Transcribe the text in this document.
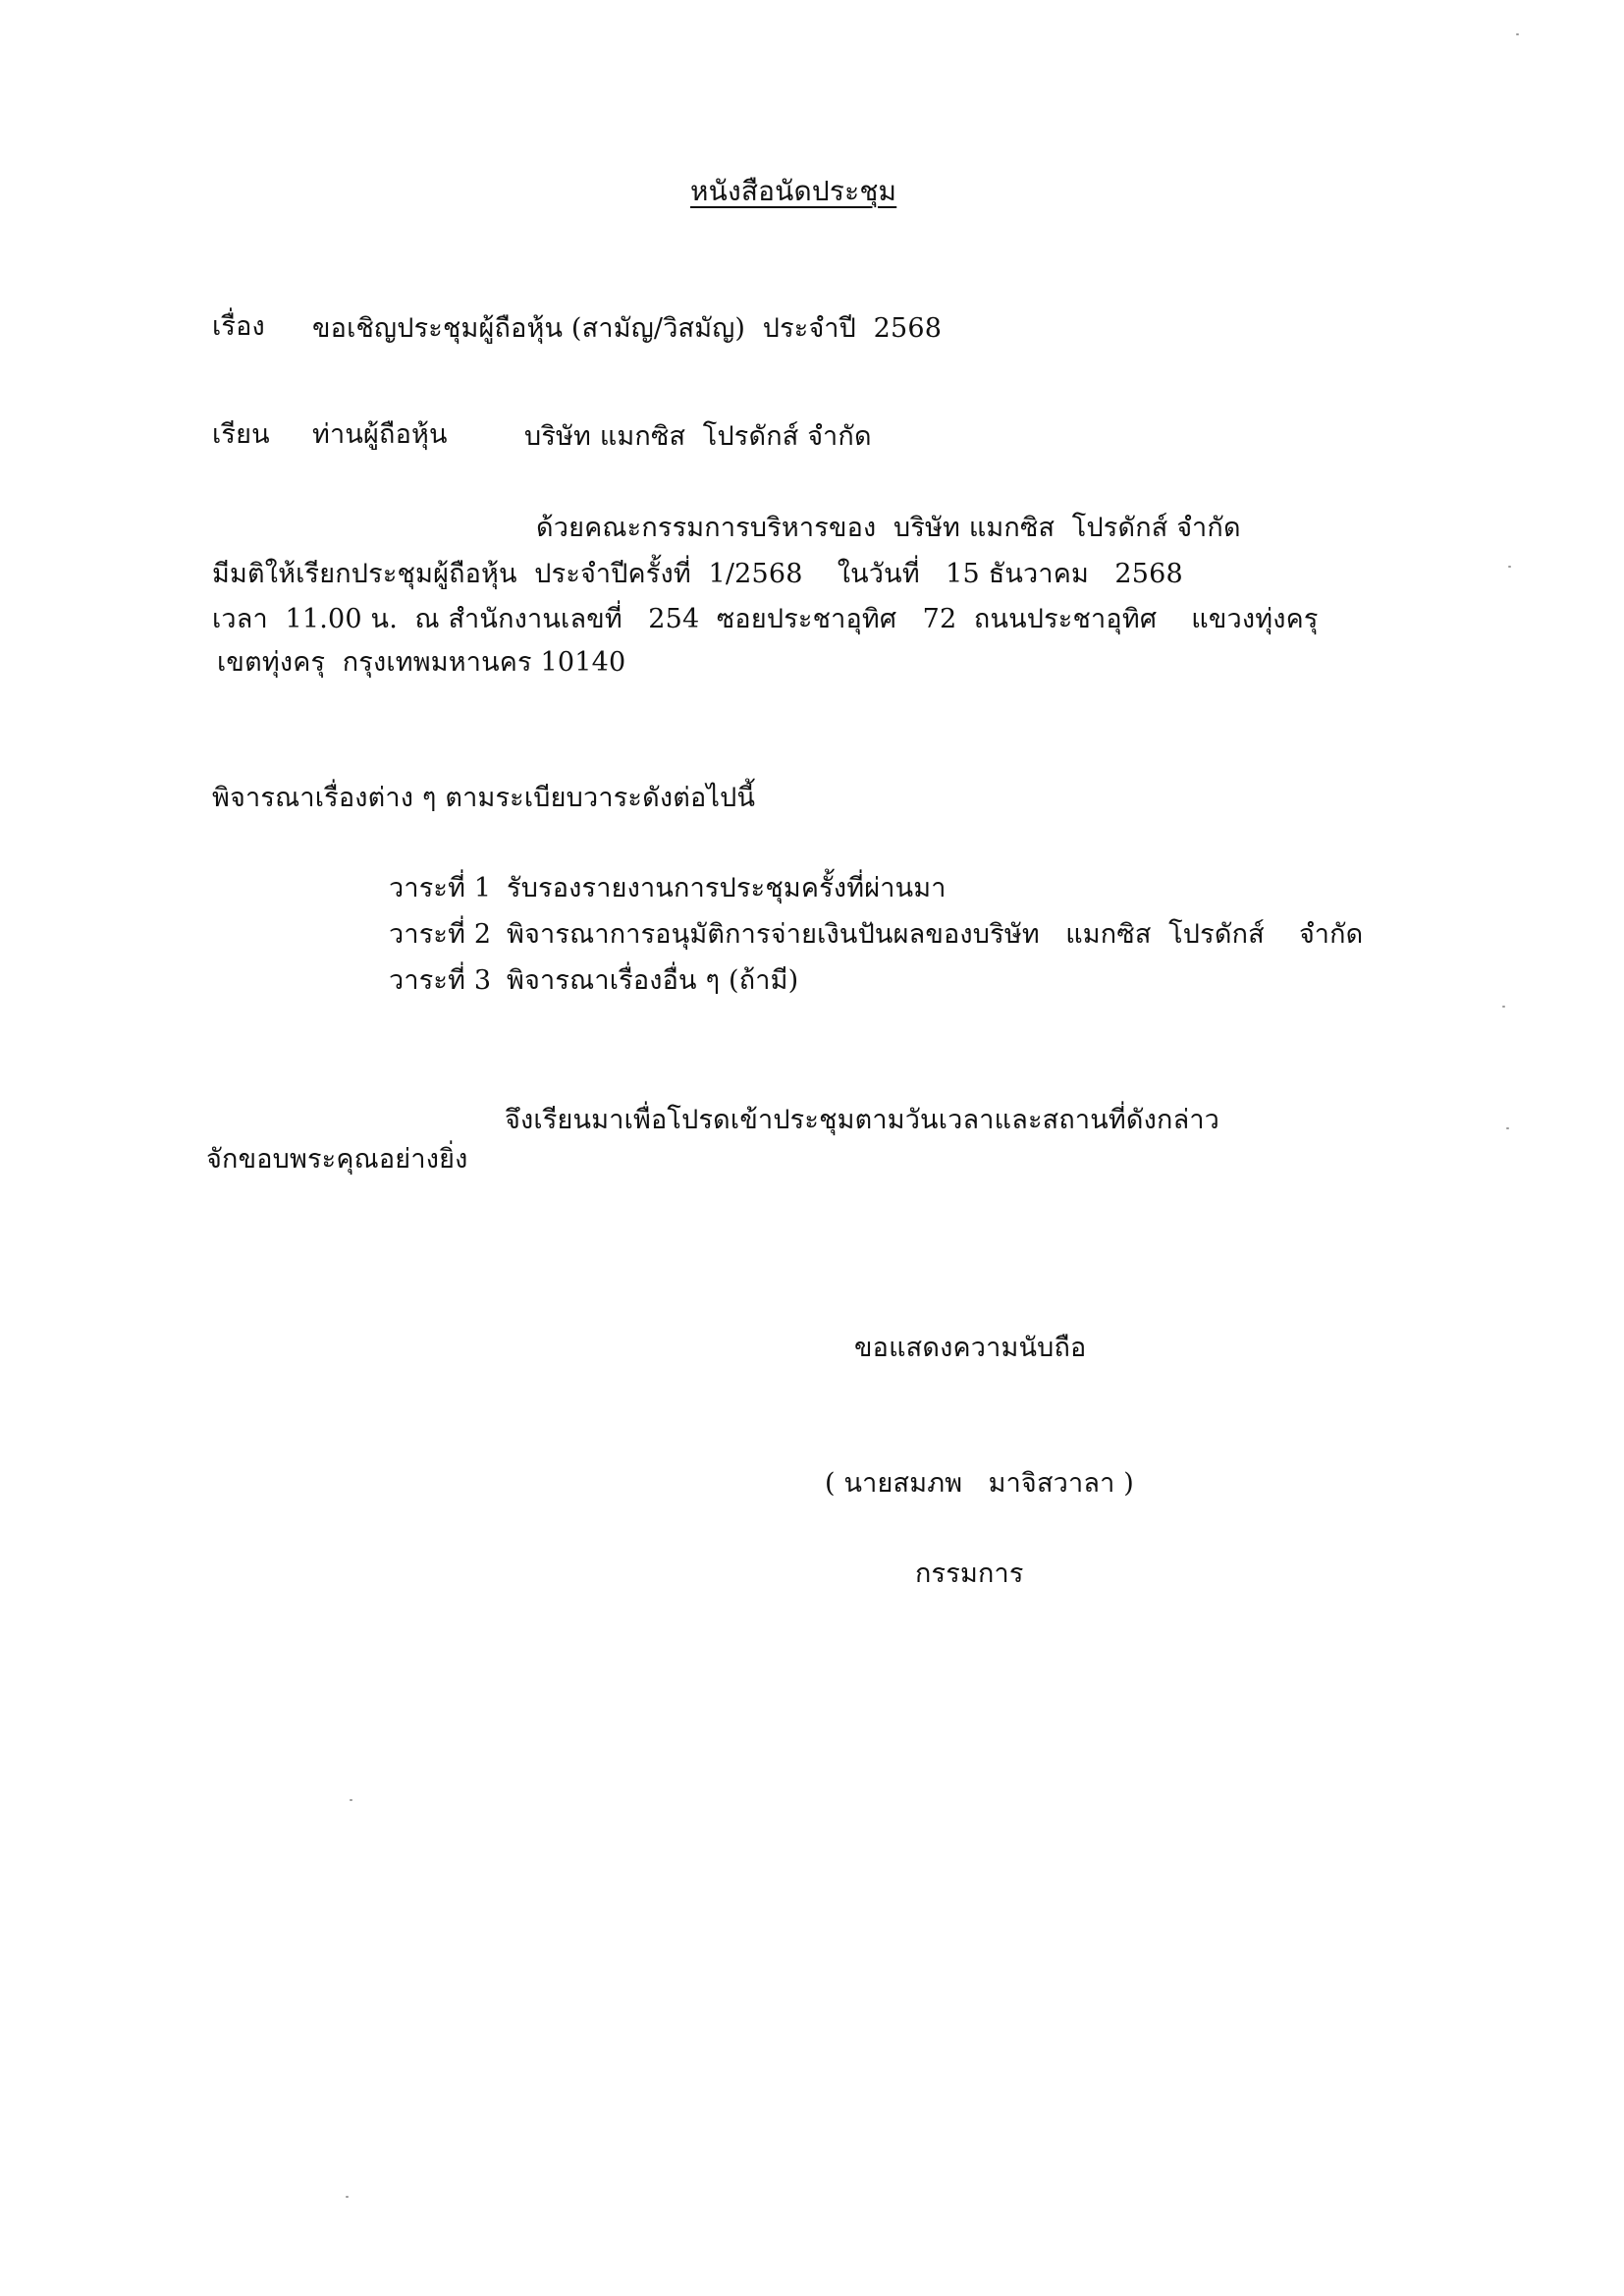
หนังสือนัดประชุม
เรื่อง ขอเชิญประชุมผู้ถือหุ้น (สามัญ/วิสมัญ)  ประจำปี  2568
เรียน ท่านผู้ถือหุ้น	บริษัท แมกซิส  โปรดักส์ จำกัด
ด้วยคณะกรรมการบริหารของ  บริษัท แมกซิส  โปรดักส์ จำกัด
มีมติให้เรียกประชุมผู้ถือหุ้น  ประจำปีครั้งที่  1/2568    ในวันที่   15 ธันวาคม   2568
เวลา  11.00 น.  ณ สำนักงานเลขที่   254  ซอยประชาอุทิศ   72  ถนนประชาอุทิศ    แขวงทุ่งครุ
เขตทุ่งครุ  กรุงเทพมหานคร 10140
พิจารณาเรื่องต่าง ๆ ตามระเบียบวาระดังต่อไปนี้
วาระที่ 1 รับรองรายงานการประชุมครั้งที่ผ่านมา
วาระที่ 2 พิจารณาการอนุมัติการจ่ายเงินปันผลของบริษัท   แมกซิส  โปรดักส์    จำกัด
วาระที่ 3 พิจารณาเรื่องอื่น ๆ (ถ้ามี)
จึงเรียนมาเพื่อโปรดเข้าประชุมตามวันเวลาและสถานที่ดังกล่าว
จักขอบพระคุณอย่างยิ่ง
ขอแสดงความนับถือ
( นายสมภพ   มาจิสวาลา )
กรรมการ
